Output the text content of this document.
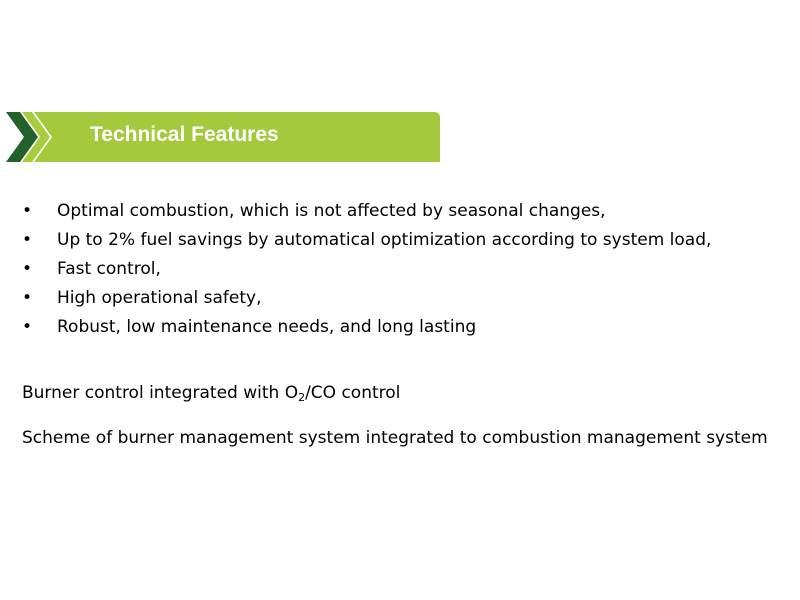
Technical Features
• Optimal combustion, which is not affected by seasonal changes,
• Up to 2% fuel savings by automatical optimization according to system load,
• Fast control,
• High operational safety,
• Robust, low maintenance needs, and long lasting
Burner control integrated with $O_2/CO$ control
Scheme of burner management system integrated to combustion management system
